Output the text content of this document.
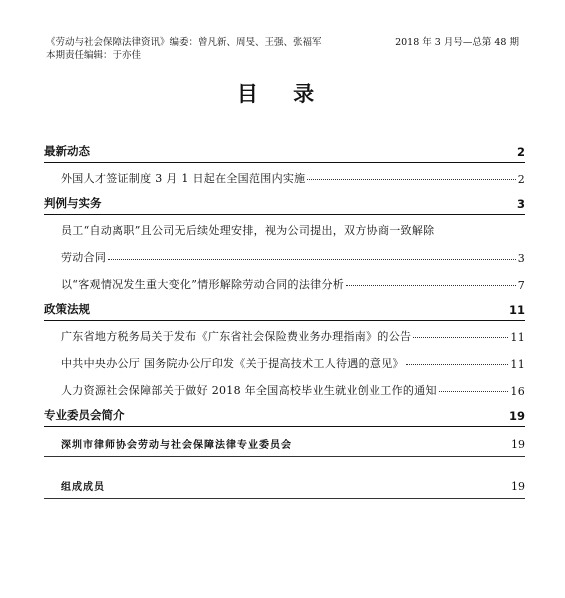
《劳动与社会保障法律资讯》编委：曾凡新、周旻、王强、张福军
本期责任编辑：于亦佳
2018 年 3 月号—总第 48 期
目 录
最新动态	2
外国人才签证制度 3 月 1 日起在全国范围内实施	2
判例与实务	3
员工“自动离职”且公司无后续处理安排，视为公司提出，双方协商一致解除
劳动合同	3
以“客观情况发生重大变化”情形解除劳动合同的法律分析	7
政策法规	11
广东省地方税务局关于发布《广东省社会保险费业务办理指南》的公告	11
中共中央办公厅 国务院办公厅印发《关于提高技术工人待遇的意见》	11
人力资源社会保障部关于做好 2018 年全国高校毕业生就业创业工作的通知	16
专业委员会简介	19
深圳市律师协会劳动与社会保障法律专业委员会	19
组成成员	19
